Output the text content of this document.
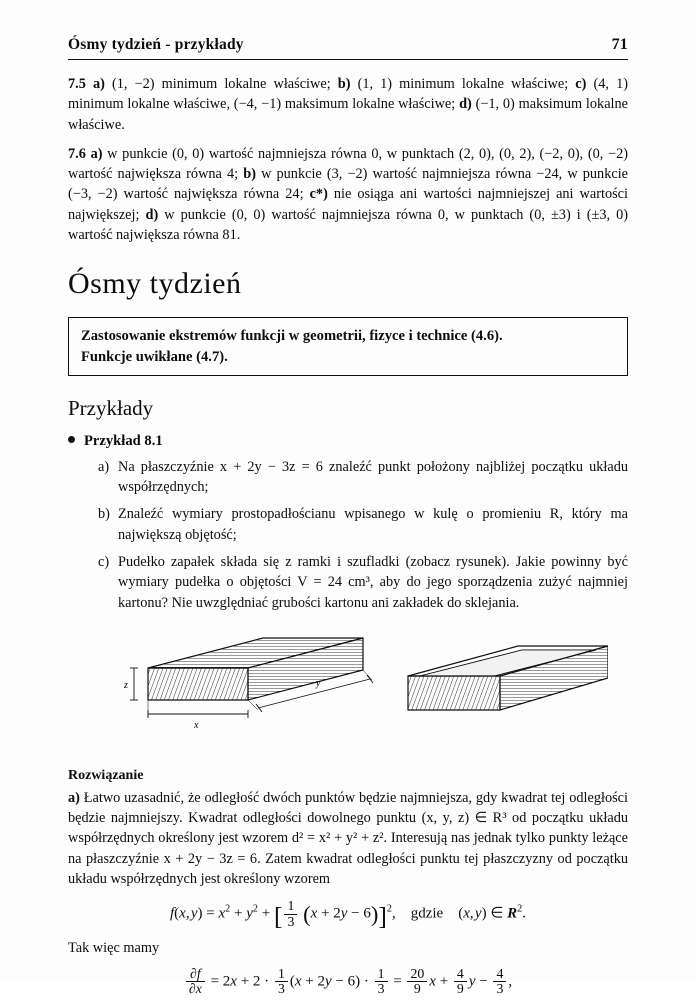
Ósmy tydzień - przykłady	71

7.5 a) (1, −2) minimum lokalne właściwe; b) (1, 1) minimum lokalne właściwe; c) (4, 1) minimum lokalne właściwe, (−4, −1) maksimum lokalne właściwe; d) (−1, 0) maksimum lokalne właściwe.

7.6 a) w punkcie (0, 0) wartość najmniejsza równa 0, w punktach (2, 0), (0, 2), (−2, 0), (0, −2) wartość największa równa 4; b) w punkcie (3, −2) wartość najmniejsza równa −24, w punkcie (−3, −2) wartość największa równa 24; c*) nie osiąga ani wartości najmniejszej ani wartości największej; d) w punkcie (0, 0) wartość najmniejsza równa 0, w punktach (0, ±3) i (±3, 0) wartość największa równa 81.

Ósmy tydzień
Zastosowanie ekstremów funkcji w geometrii, fizyce i technice (4.6).
Funkcje uwikłane (4.7).
Przykłady
Przykład 8.1
a) Na płaszczyźnie x + 2y − 3z = 6 znaleźć punkt położony najbliżej początku układu współrzędnych;
b) Znaleźć wymiary prostopadłościanu wpisanego w kulę o promieniu R, który ma największą objętość;
c) Pudełko zapałek składa się z ramki i szufladki (zobacz rysunek). Jakie powinny być wymiary pudełka o objętości V = 24 cm³, aby do jego sporządzenia zużyć najmniej kartonu? Nie uwzględniać grubości kartonu ani zakładek do sklejania.
z
x
y
Rozwiązanie

a) Łatwo uzasadnić, że odległość dwóch punktów będzie najmniejsza, gdy kwadrat tej odległości będzie najmniejszy. Kwadrat odległości dowolnego punktu (x, y, z) ∈ R³ od początku układu współrzędnych określony jest wzorem d² = x² + y² + z². Interesują nas jednak tylko punkty leżące na płaszczyźnie x + 2y − 3z = 6. Zatem kwadrat odległości punktu tej płaszczyzny od początku układu współrzędnych jest określony wzorem

f(x, $y) = x^2 + y^2$ + [ $\frac{1}{3} (x + 2y - 6)]^2$,    gdzie    (x, y) ∈ $R^2$.
Tak więc mamy
$\frac{\partial f}{\partial x} = 2x + 2 \cdot \frac{1}{3} (x + 2y - 6) \cdot \frac{1}{3} = \frac{20}{9}$ $x + \frac{4}{9}$ $y - \frac{4}{3}$ ,
